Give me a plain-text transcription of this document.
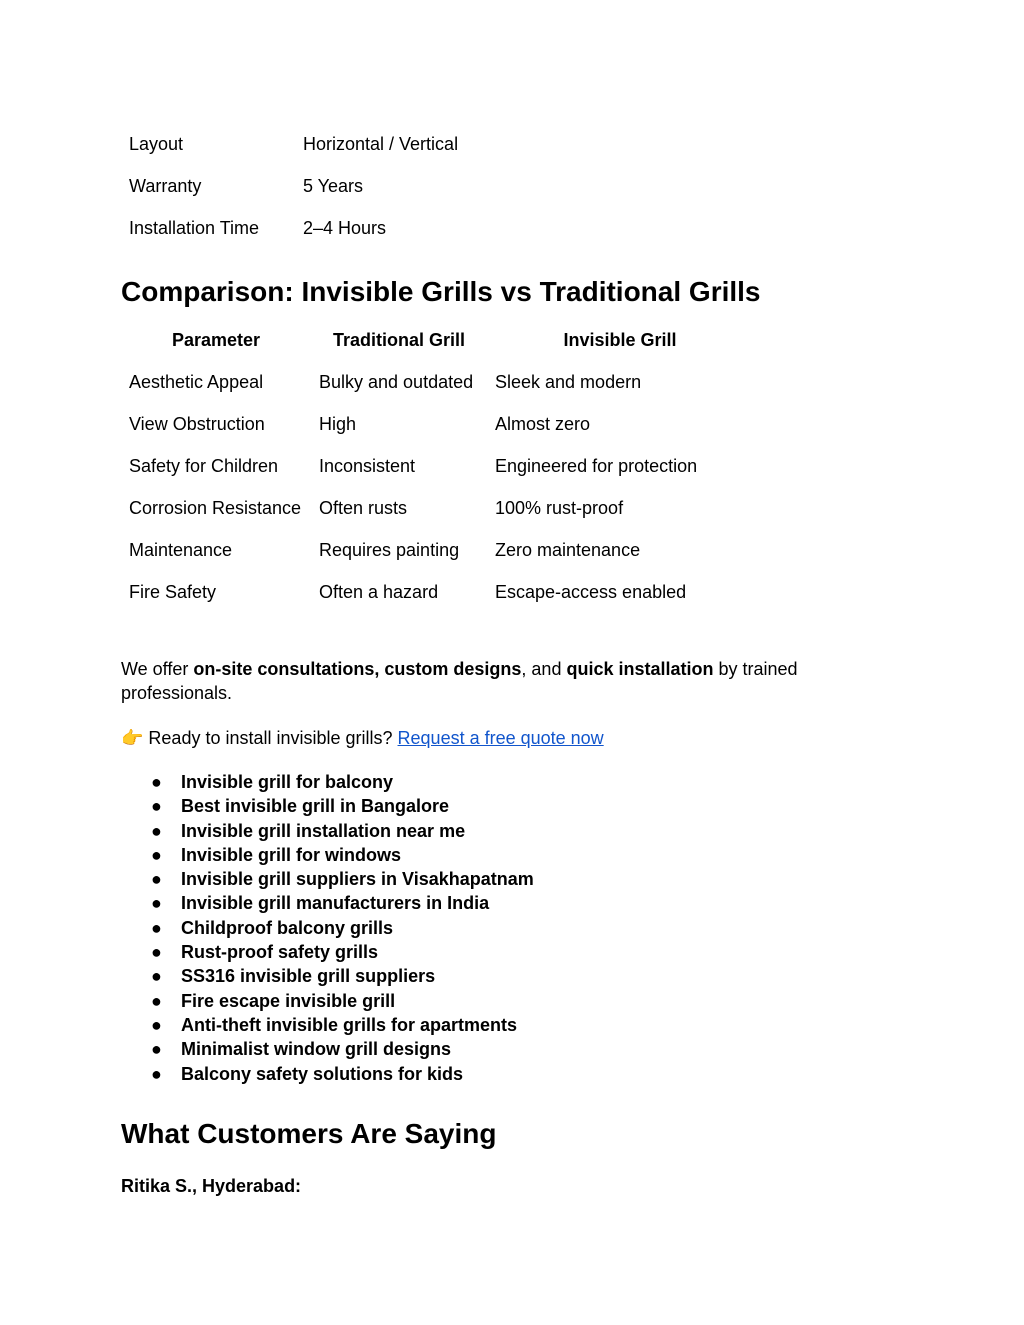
Layout	Horizontal / Vertical
Warranty	5 Years
Installation Time	2–4 Hours
Comparison: Invisible Grills vs Traditional Grills
Parameter	Traditional Grill	Invisible Grill
Aesthetic Appeal	Bulky and outdated	Sleek and modern
View Obstruction	High	Almost zero
Safety for Children	Inconsistent	Engineered for protection
Corrosion Resistance	Often rusts	100% rust-proof
Maintenance	Requires painting	Zero maintenance
Fire Safety	Often a hazard	Escape-access enabled

We offer on-site consultations, custom designs, and quick installation by trained professionals.

👉 Ready to install invisible grills? Request a free quote now

● Invisible grill for balcony
● Best invisible grill in Bangalore
● Invisible grill installation near me
● Invisible grill for windows
● Invisible grill suppliers in Visakhapatnam
● Invisible grill manufacturers in India
● Childproof balcony grills
● Rust-proof safety grills
● SS316 invisible grill suppliers
● Fire escape invisible grill
● Anti-theft invisible grills for apartments
● Minimalist window grill designs
● Balcony safety solutions for kids
What Customers Are Saying

Ritika S., Hyderabad:
